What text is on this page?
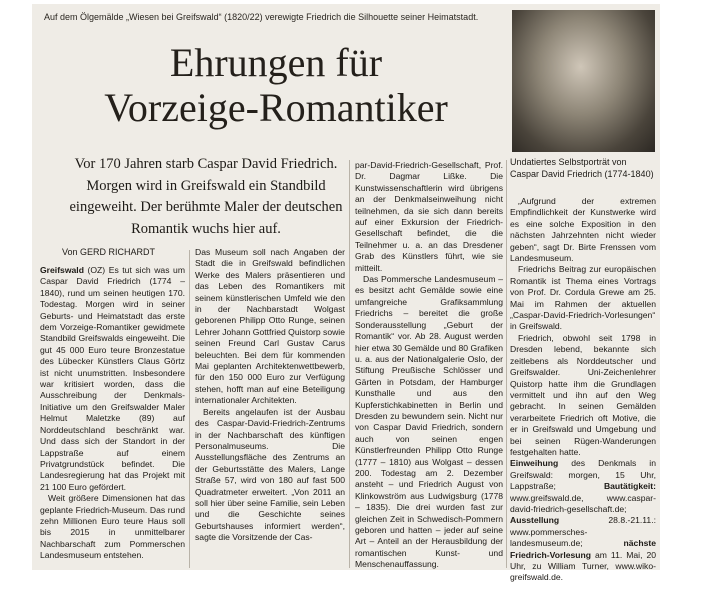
Auf dem Ölgemälde „Wiesen bei Greifswald“ (1820/22) verewigte Friedrich die Silhouette seiner Heimatstadt.
Ehrungen für
Vorzeige-Romantiker
Undatiertes Selbstporträt von Caspar David Friedrich (1774-1840)
Vor 170 Jahren starb Caspar David Friedrich. Morgen wird in Greifswald ein Standbild eingeweiht. Der berühmte Maler der deutschen Romantik wuchs hier auf.
Von GERD RICHARDT

Greifswald (OZ) Es tut sich was um Caspar David Friedrich (1774 – 1840), rund um seinen heutigen 170. Todestag. Morgen wird in seiner Geburts- und Heimatstadt das erste dem Vorzeige-Romantiker gewidmete Standbild Greifswalds eingeweiht. Die gut 45 000 Euro teure Bronzestatue des Lübecker Künstlers Claus Görtz ist nicht unumstritten. Insbesondere war kritisiert worden, dass die Ausschreibung der Denkmals-Initiative um den Greifswalder Maler Helmut Maletzke (89) auf Norddeutschland beschränkt war. Und dass sich der Standort in der Lappstraße auf einem Privatgrundstück befindet. Die Landesregierung hat das Projekt mit 21 100 Euro gefördert.

Weit größere Dimensionen hat das geplante Friedrich-Museum. Das rund zehn Millionen Euro teure Haus soll bis 2015 in unmittelbarer Nachbarschaft zum Pommerschen Landesmuseum entstehen.

Das Museum soll nach Angaben der Stadt die in Greifswald befindlichen Werke des Malers präsentieren und das Leben des Romantikers mit seinem künstlerischen Umfeld wie den in der Nachbarstadt Wolgast geborenen Philipp Otto Runge, seinen Lehrer Johann Gottfried Quistorp sowie seinen Freund Carl Gustav Carus beleuchten. Bei dem für kommenden Mai geplanten Architektenwettbewerb, für den 150 000 Euro zur Verfügung stehen, hofft man auf eine Beteiligung internationaler Architekten.

Bereits angelaufen ist der Ausbau des Caspar-David-Friedrich-Zentrums in der Nachbarschaft des künftigen Personalmuseums. Die Ausstellungsfläche des Zentrums an der Geburtsstätte des Malers, Lange Straße 57, wird von 180 auf fast 500 Quadratmeter erweitert. „Von 2011 an soll hier über seine Familie, sein Leben und die Geschichte seines Geburtshauses informiert werden“, sagte die Vorsitzende der Cas-

par-David-Friedrich-Gesellschaft, Prof. Dr. Dagmar Lißke. Die Kunstwissenschaftlerin wird übrigens an der Denkmalseinweihung nicht teilnehmen, da sie sich dann bereits auf einer Exkursion der Friedrich-Gesellschaft befindet, die die Teilnehmer u. a. an das Dresdener Grab des Künstlers führt, wie sie mitteilt.

Das Pommersche Landesmuseum – es besitzt acht Gemälde sowie eine umfangreiche Grafiksammlung Friedrichs – bereitet die große Sonderausstellung „Geburt der Romantik“ vor. Ab 28. August werden hier etwa 30 Gemälde und 80 Grafiken u. a. aus der Nationalgalerie Oslo, der Stiftung Preußische Schlösser und Gärten in Potsdam, der Hamburger Kunsthalle und aus den Kupferstichkabinetten in Berlin und Dresden zu bewundern sein. Nicht nur von Caspar David Friedrich, sondern auch von seinen engen Künstlerfreunden Philipp Otto Runge (1777 – 1810) aus Wolgast – dessen 200. Todestag am 2. Dezember ansteht – und Friedrich August von Klinkowström aus Ludwigsburg (1778 – 1835). Die drei wurden fast zur gleichen Zeit in Schwedisch-Pommern geboren und hatten – jeder auf seine Art – Anteil an der Herausbildung der romantischen Kunst- und Menschenauffassung.

„Aufgrund der extremen Empfindlichkeit der Kunstwerke wird es eine solche Exposition in den nächsten Jahrzehnten nicht wieder geben“, sagt Dr. Birte Frenssen vom Landesmuseum.

Friedrichs Beitrag zur europäischen Romantik ist Thema eines Vortrags von Prof. Dr. Cordula Grewe am 25. Mai im Rahmen der aktuellen „Caspar-David-Friedrich-Vorlesungen“ in Greifswald.

Friedrich, obwohl seit 1798 in Dresden lebend, bekannte sich zeitlebens als Norddeutscher und Greifswalder. Uni-Zeichenlehrer Quistorp hatte ihm die Grundlagen vermittelt und ihn auf den Weg gebracht. In seinen Gemälden verarbeitete Friedrich oft Motive, die er in Greifswald und Umgebung und bei seinen Rügen-Wanderungen festgehalten hatte.

Einweihung des Denkmals in Greifswald: morgen, 15 Uhr, Lappstraße; Bautätigkeit: www.greifswald.de, www.caspar-david-friedrich-gesellschaft.de; Ausstellung 28.8.-21.11.: www.pommersches-landesmuseum.de; nächste Friedrich-Vorlesung am 11. Mai, 20 Uhr, zu William Turner, www.wiko-greifswald.de.
